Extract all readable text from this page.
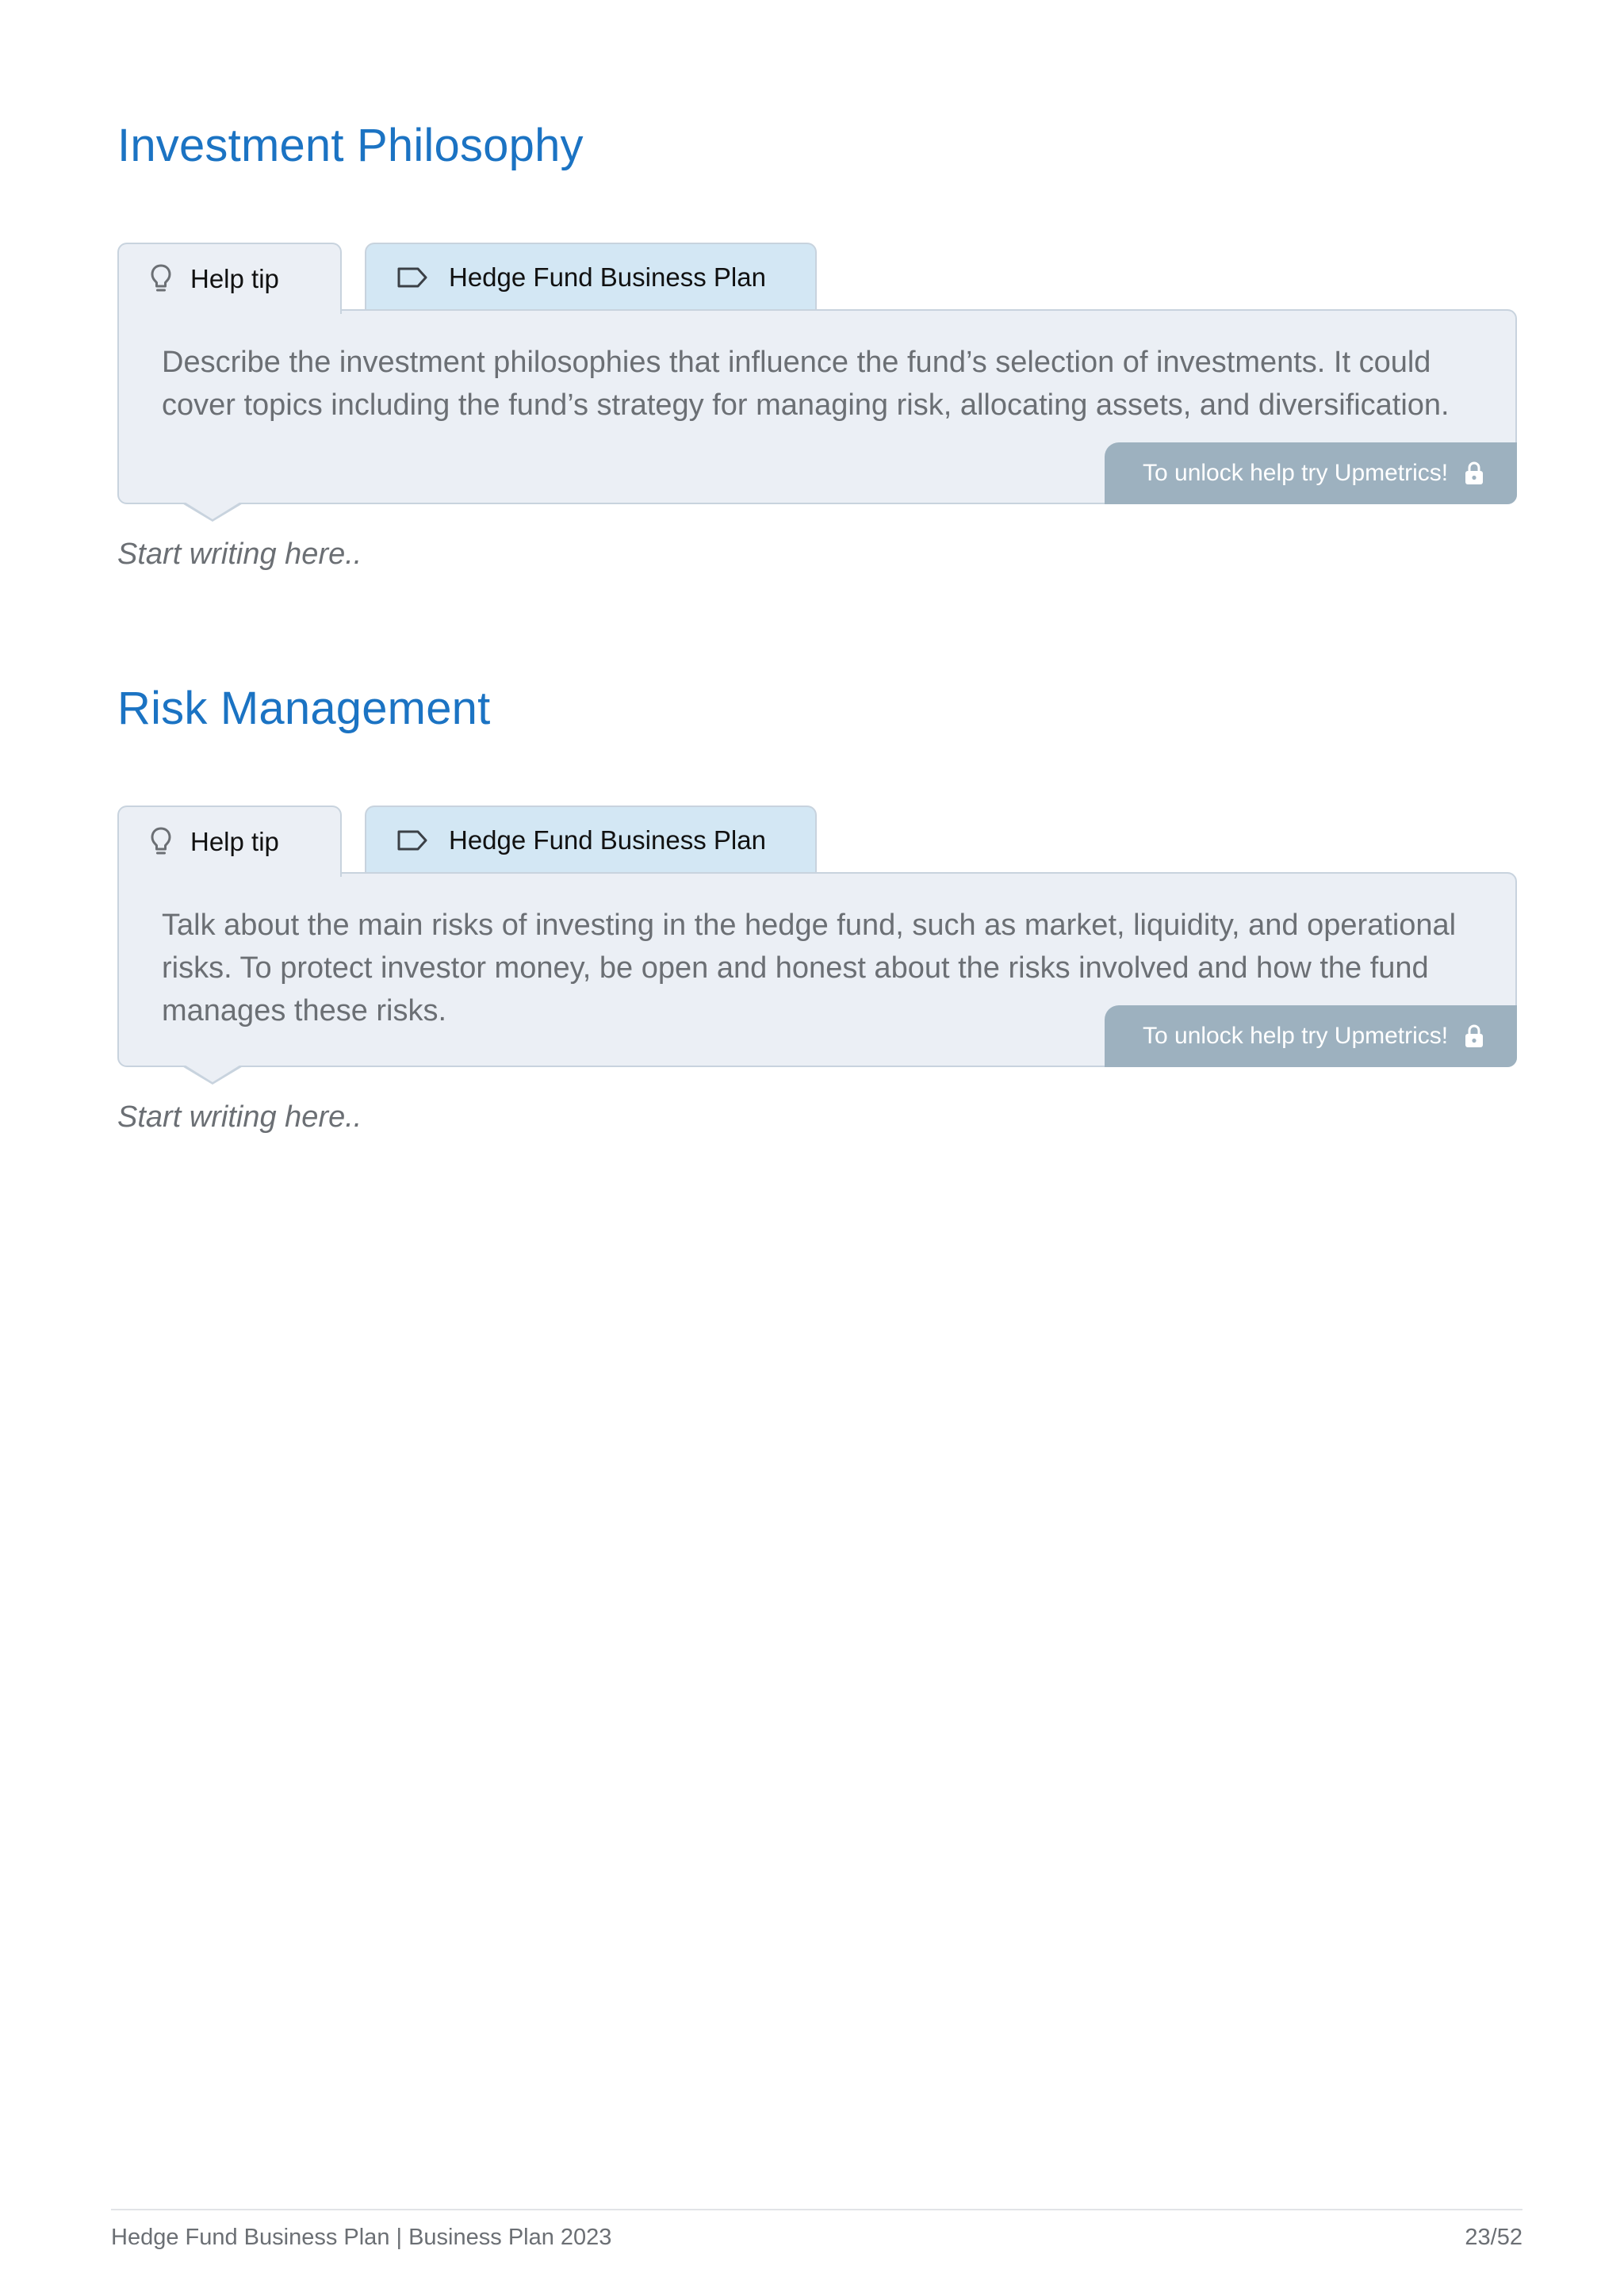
Investment Philosophy
Help tip	Hedge Fund Business Plan

Describe the investment philosophies that influence the fund’s selection of investments. It could cover topics including the fund’s strategy for managing risk, allocating assets, and diversification.

To unlock help try Upmetrics!

Start writing here..

Risk Management
Help tip	Hedge Fund Business Plan

Talk about the main risks of investing in the hedge fund, such as market, liquidity, and operational risks. To protect investor money, be open and honest about the risks involved and how the fund manages these risks.

To unlock help try Upmetrics!

Start writing here..

Hedge Fund Business Plan | Business Plan 2023	23/52
